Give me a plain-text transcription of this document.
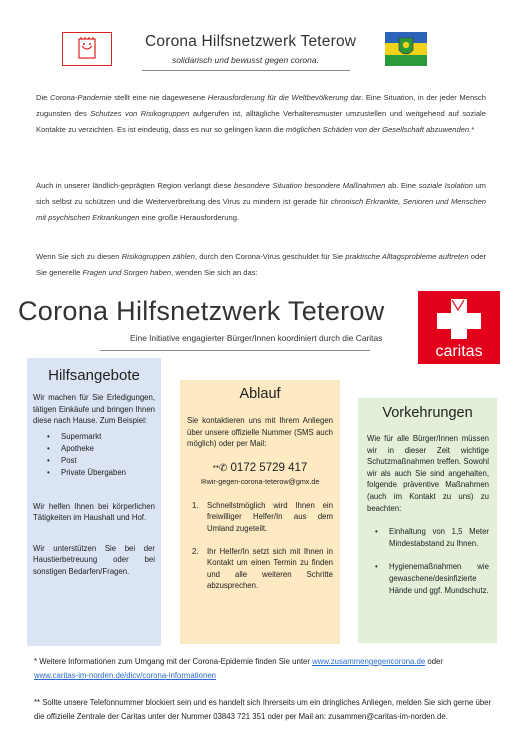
Corona Hilfsnetzwerk Teterow
solidarisch und bewusst gegen corona.
Die Corona-Pandemie stellt eine nie dagewesene Herausforderung für die Weltbevölkerung dar. Eine Situation, in der jeder Mensch zugunsten des Schutzes von Risikogruppen aufgerufen ist, alltägliche Verhaltensmuster umzustellen und weitgehend auf soziale Kontakte zu verzichten. Es ist eindeutig, dass es nur so gelingen kann die möglichen Schäden von der Gesellschaft abzuwenden.*
Auch in unserer ländlich-geprägten Region verlangt diese besondere Situation besondere Maßnahmen ab. Eine soziale Isolation um sich selbst zu schützen und die Weiterverbreitung des Virus zu mindern ist gerade für chronisch Erkrankte, Senioren und Menschen mit psychischen Erkrankungen eine große Herausforderung.
Wenn Sie sich zu diesen Risikogruppen zählen, durch den Corona-Virus geschuldet für Sie praktische Alltagsprobleme auftreten oder Sie generelle Fragen und Sorgen haben, wenden Sie sich an das:
Corona Hilfsnetzwerk Teterow
Eine Initiative engagierter Bürger/Innen koordiniert durch die Caritas
caritas
Hilfsangebote
Wir machen für Sie Erledigungen, tätigen Einkäufe und bringen Ihnen diese nach Hause. Zum Beispiel:
• Supermarkt
• Apotheke
• Post
• Private Übergaben
Wir helfen Ihnen bei körperlichen Tätigkeiten im Haushalt und Hof.
Wir unterstützen Sie bei der Haustierbetreuung oder bei sonstigen Bedarfen/Fragen.
Ablauf
Sie kontaktieren uns mit Ihrem Anliegen über unsere offizielle Nummer (SMS auch möglich) oder per Mail:
**✆ 0172 5729 417
✉wir-gegen-corona-teterow@gmx.de
1. Schnellstmöglich wird Ihnen ein freiwilliger Helfer/In aus dem Umland zugeteilt.
2. Ihr Helfer/In setzt sich mit Ihnen in Kontakt um einen Termin zu finden und alle weiteren Schritte abzusprechen.
Vorkehrungen
Wie für alle Bürger/Innen müssen wir in dieser Zeit wichtige Schutzmaßnahmen treffen. Sowohl wir als auch Sie sind angehalten, folgende präventive Maßnahmen (auch im Kontakt zu uns) zu beachten:
• Einhaltung von 1,5 Meter Mindestabstand zu Ihnen.
• Hygienemaßnahmen wie gewaschene/desinfizierte Hände und ggf. Mundschutz.
* Weitere Informationen zum Umgang mit der Corona-Epidemie finden Sie unter www.zusammengegencorona.de oder
www.caritas-im-norden.de/dicv/corona-informationen
** Sollte unsere Telefonnummer blockiert sein und es handelt sich Ihrerseits um ein dringliches Anliegen, melden Sie sich gerne über die offizielle Zentrale der Caritas unter der Nummer 03843 721 351 oder per Mail an: zusammen@caritas-im-norden.de.
